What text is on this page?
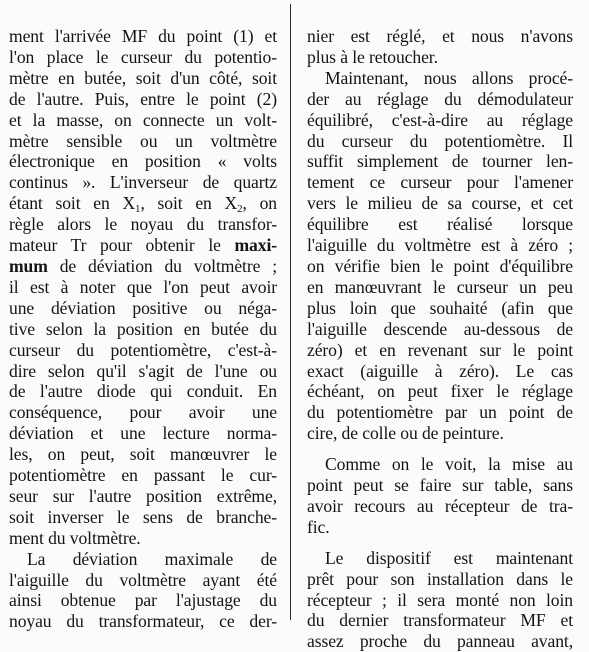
ment l'arrivée MF du point (1) et
l'on place le curseur du potentio-
mètre en butée, soit d'un côté, soit
de l'autre. Puis, entre le point (2)
et la masse, on connecte un volt-
mètre sensible ou un voltmètre
électronique en position « volts
continus ». L'inverseur de quartz
étant soit en $X_1$, soit en $X_2$, on
règle alors le noyau du transfor-
mateur Tr pour obtenir le maxi-
mum de déviation du voltmètre ;
il est à noter que l'on peut avoir
une déviation positive ou néga-
tive selon la position en butée du
curseur du potentiomètre, c'est-à-
dire selon qu'il s'agit de l'une ou
de l'autre diode qui conduit. En
conséquence, pour avoir une
déviation et une lecture norma-
les, on peut, soit manœuvrer le
potentiomètre en passant le cur-
seur sur l'autre position extrême,
soit inverser le sens de branche-
ment du voltmètre.
La déviation maximale de
l'aiguille du voltmètre ayant été
ainsi obtenue par l'ajustage du
noyau du transformateur, ce der-
nier est réglé, et nous n'avons
plus à le retoucher.
Maintenant, nous allons procé-
der au réglage du démodulateur
équilibré, c'est-à-dire au réglage
du curseur du potentiomètre. Il
suffit simplement de tourner len-
tement ce curseur pour l'amener
vers le milieu de sa course, et cet
équilibre est réalisé lorsque
l'aiguille du voltmètre est à zéro ;
on vérifie bien le point d'équilibre
en manœuvrant le curseur un peu
plus loin que souhaité (afin que
l'aiguille descende au-dessous de
zéro) et en revenant sur le point
exact (aiguille à zéro). Le cas
échéant, on peut fixer le réglage
du potentiomètre par un point de
cire, de colle ou de peinture.
Comme on le voit, la mise au
point peut se faire sur table, sans
avoir recours au récepteur de tra-
fic.
Le dispositif est maintenant
prêt pour son installation dans le
récepteur ; il sera monté non loin
du dernier transformateur MF et
assez proche du panneau avant,
